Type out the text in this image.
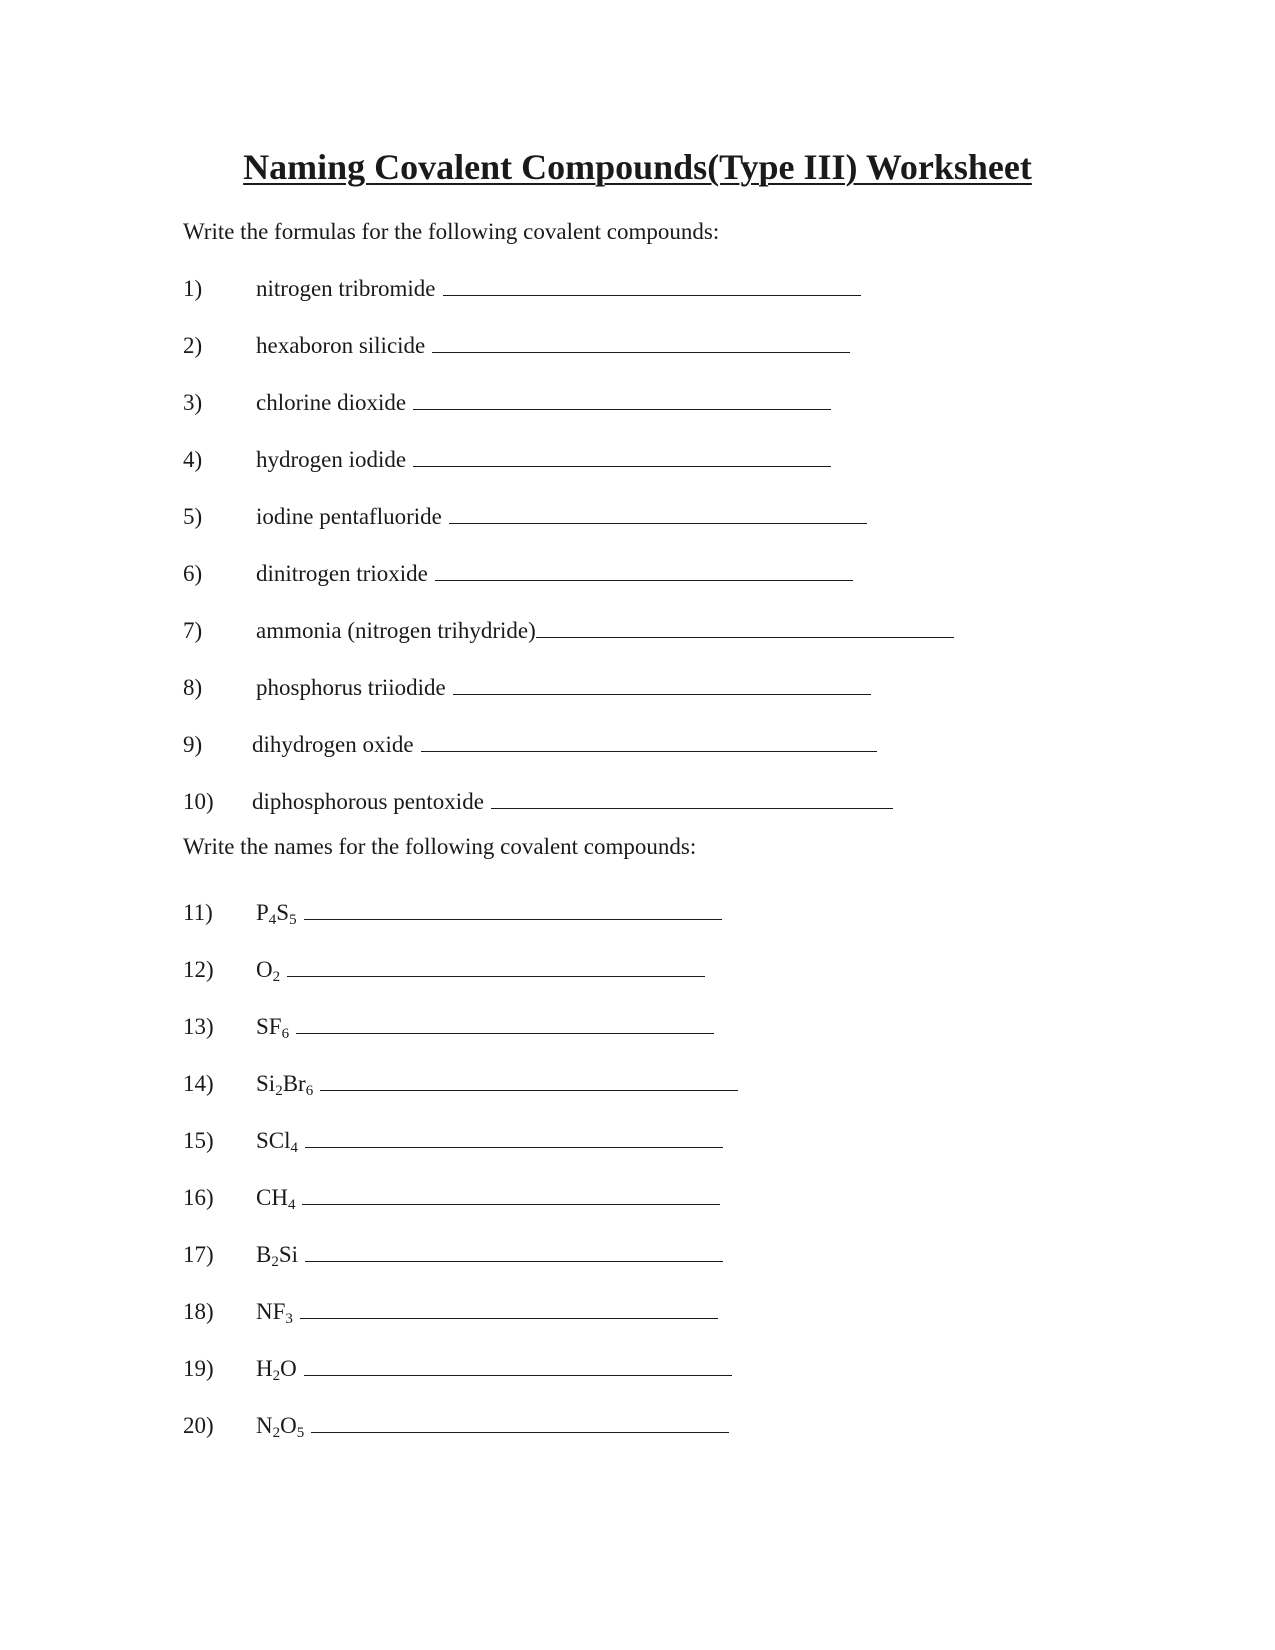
Naming Covalent Compounds(Type III) Worksheet

Write the formulas for the following covalent compounds:

1) nitrogen tribromide
2) hexaboron silicide
3) chlorine dioxide
4) hydrogen iodide
5) iodine pentafluoride
6) dinitrogen trioxide
7) ammonia (nitrogen trihydride)
8) phosphorus triiodide
9) dihydrogen oxide
10) diphosphorous pentoxide

Write the names for the following covalent compounds:

11) $P_4S_5$
12) $O_2$
13) $SF_6$
14) $Si_2Br_6$
15) SCl$_4$
16) $CH_4$
17) $B_2Si$
18) $NF_3$
19) $H_2O$
20) $N_2O_5$
